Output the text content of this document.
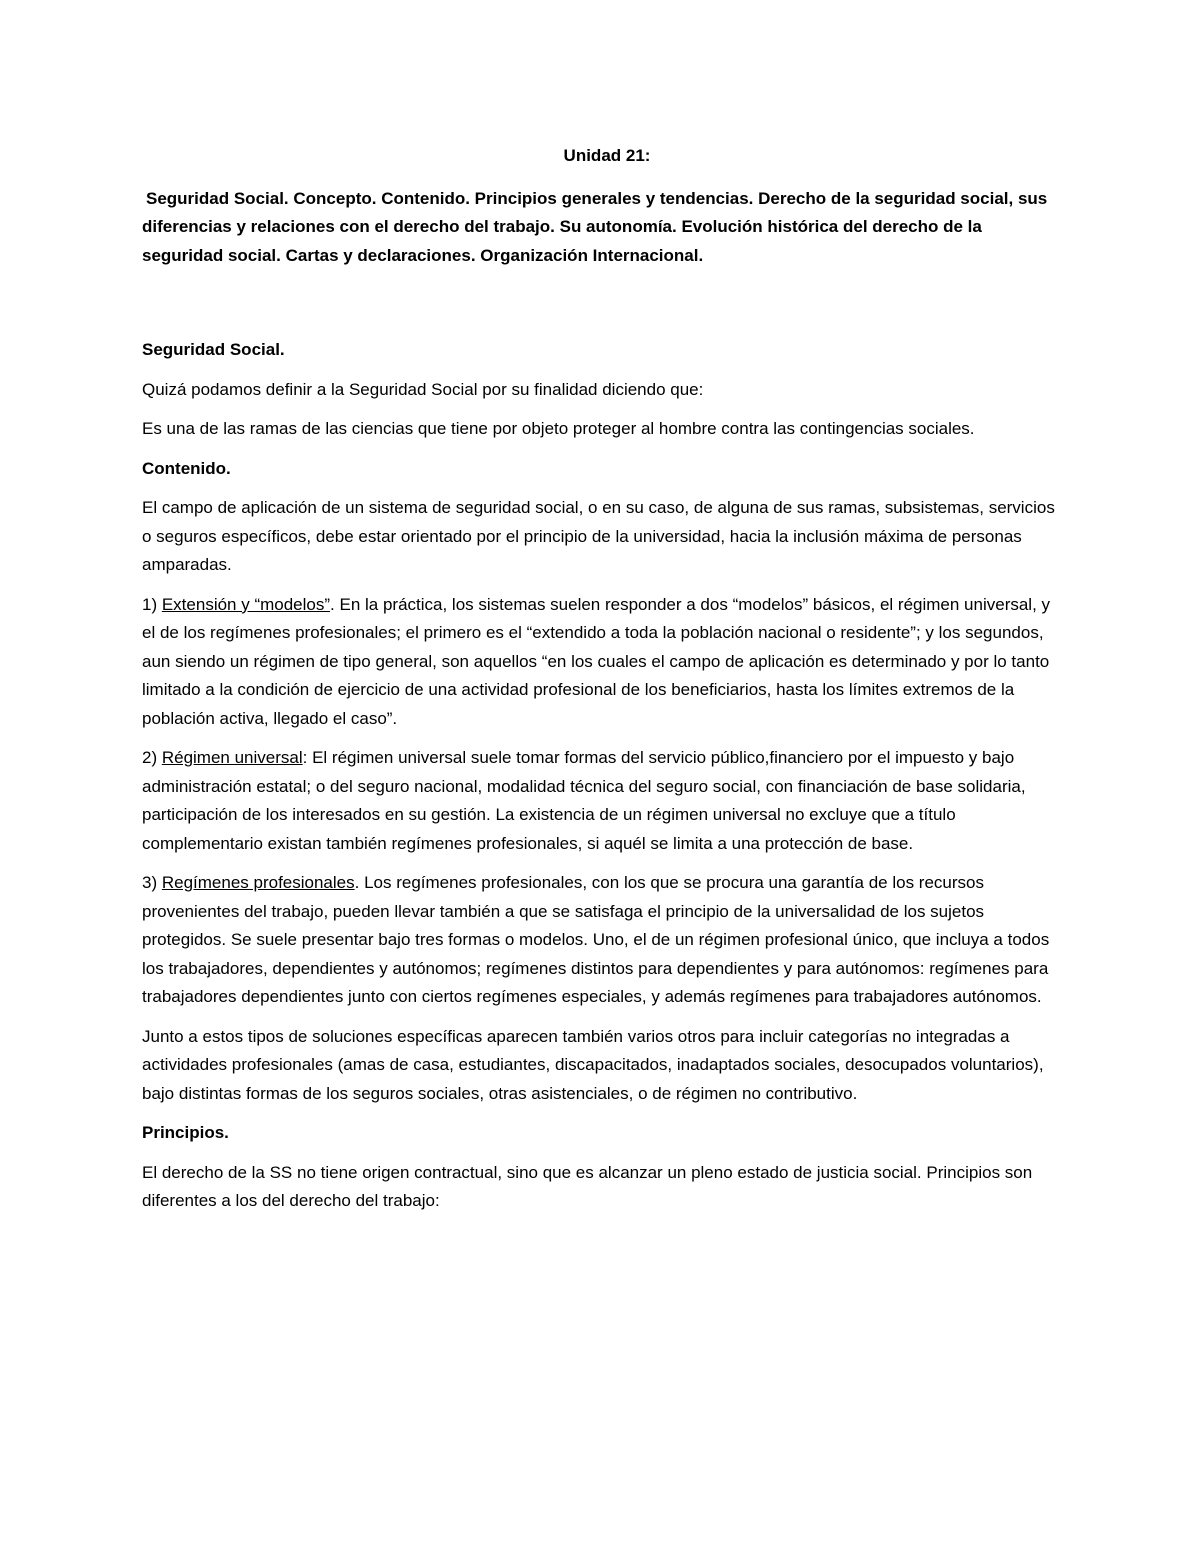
Unidad 21:

Seguridad Social. Concepto. Contenido. Principios generales y tendencias. Derecho de la seguridad social, sus diferencias y relaciones con el derecho del trabajo. Su autonomía. Evolución histórica del derecho de la seguridad social. Cartas y declaraciones. Organización Internacional.

Seguridad Social.

Quizá podamos definir a la Seguridad Social por su finalidad diciendo que:

Es una de las ramas de las ciencias que tiene por objeto proteger al hombre contra las contingencias sociales.

Contenido.

El campo de aplicación de un sistema de seguridad social, o en su caso, de alguna de sus ramas, subsistemas, servicios o seguros específicos, debe estar orientado por el principio de la universidad, hacia la inclusión máxima de personas amparadas.

1) Extensión y “modelos”. En la práctica, los sistemas suelen responder a dos “modelos” básicos, el régimen universal, y el de los regímenes profesionales; el primero es el “extendido a toda la población nacional o residente”; y los segundos, aun siendo un régimen de tipo general, son aquellos “en los cuales el campo de aplicación es determinado y por lo tanto limitado a la condición de ejercicio de una actividad profesional de los beneficiarios, hasta los límites extremos de la población activa, llegado el caso”.

2) Régimen universal: El régimen universal suele tomar formas del servicio público,financiero por el impuesto y bajo administración estatal; o del seguro nacional, modalidad técnica del seguro social, con financiación de base solidaria, participación de los interesados en su gestión. La existencia de un régimen universal no excluye que a título complementario existan también regímenes profesionales, si aquél se limita a una protección de base.

3) Regímenes profesionales. Los regímenes profesionales, con los que se procura una garantía de los recursos provenientes del trabajo, pueden llevar también a que se satisfaga el principio de la universalidad de los sujetos protegidos. Se suele presentar bajo tres formas o modelos. Uno, el de un régimen profesional único, que incluya a todos los trabajadores, dependientes y autónomos; regímenes distintos para dependientes y para autónomos: regímenes para trabajadores dependientes junto con ciertos regímenes especiales, y además regímenes para trabajadores autónomos.

Junto a estos tipos de soluciones específicas aparecen también varios otros para incluir categorías no integradas a actividades profesionales (amas de casa, estudiantes, discapacitados, inadaptados sociales, desocupados voluntarios), bajo distintas formas de los seguros sociales, otras asistenciales, o de régimen no contributivo.

Principios.

El derecho de la SS no tiene origen contractual, sino que es alcanzar un pleno estado de justicia social. Principios son diferentes a los del derecho del trabajo:
